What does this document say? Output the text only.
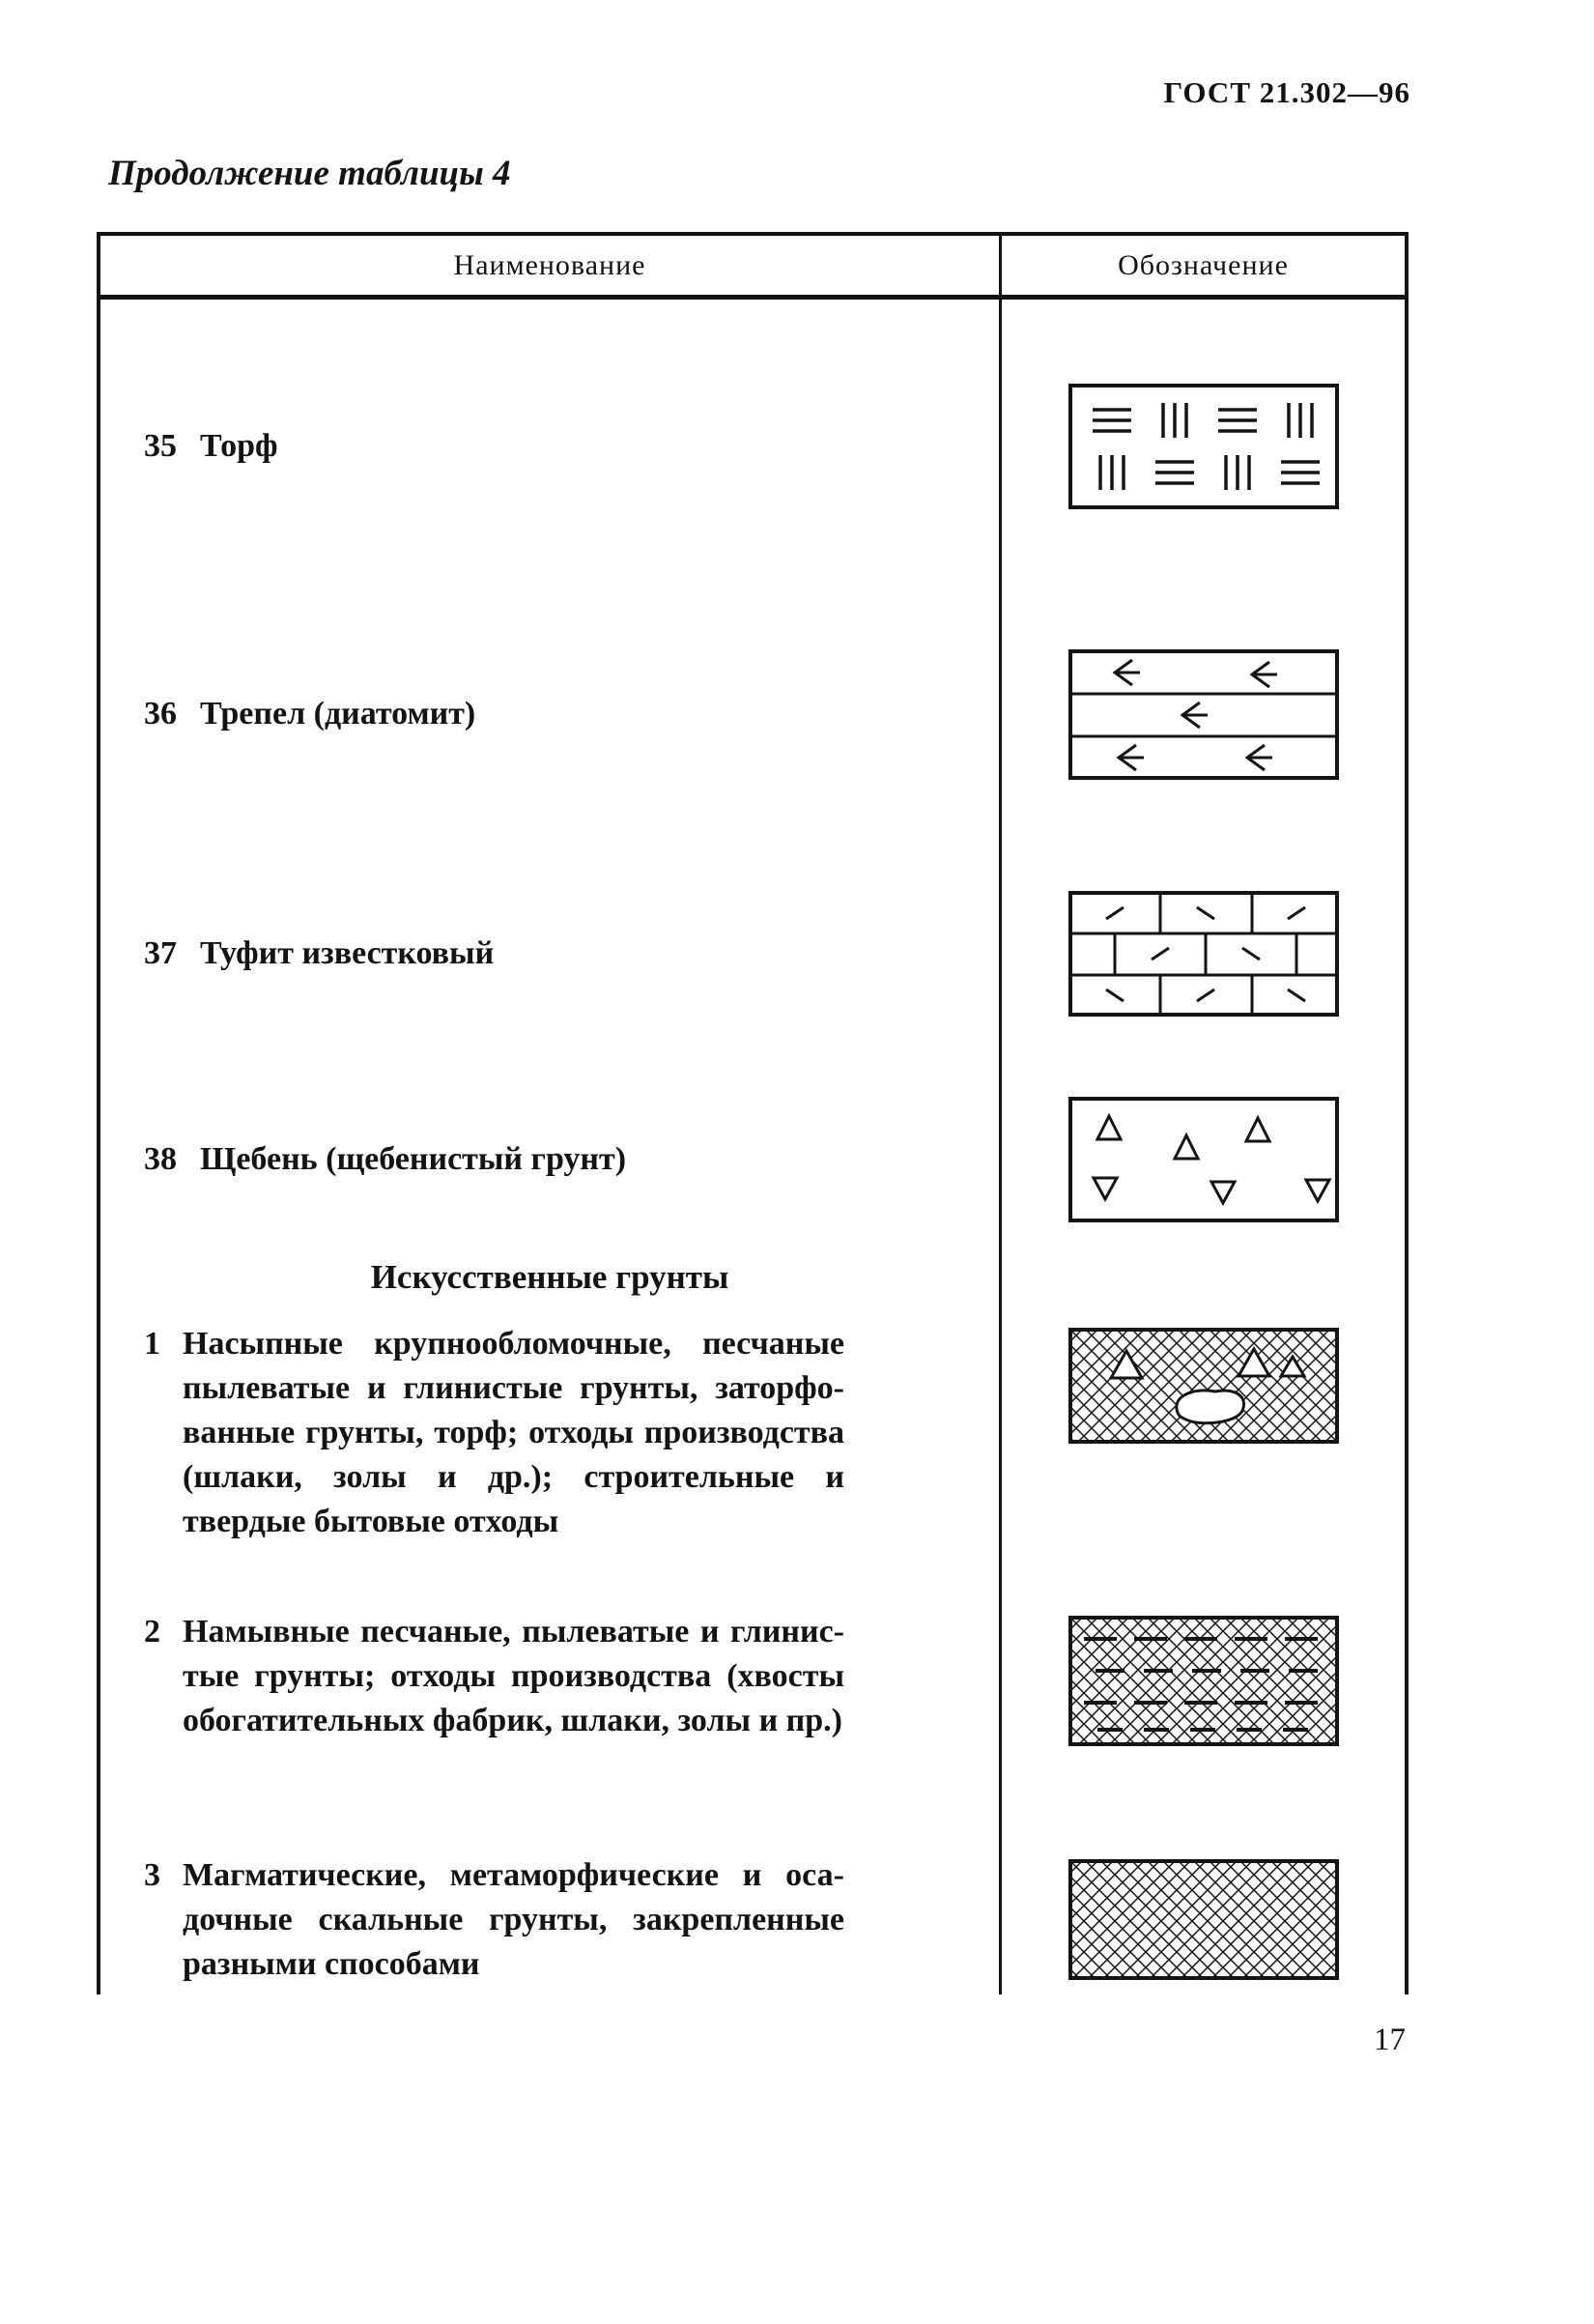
ГОСТ 21.302—96
Продолжение таблицы 4
Наименование	Обозначение
35 Торф
36 Трепел (диатомит)
37 Туфит известковый
38 Щебень (щебенистый грунт)
Искусственные грунты
1 Насыпные крупнообломочные, песчаные пылеватые и глинистые грунты, заторфованные грунты, торф; отходы производства (шлаки, золы и др.); строительные и твердые бытовые отходы
2 Намывные песчаные, пылеватые и глинистые грунты; отходы производства (хвосты обогатительных фабрик, шлаки, золы и пр.)
3 Магматические, метаморфические и осадочные скальные грунты, закрепленные разными способами
17
